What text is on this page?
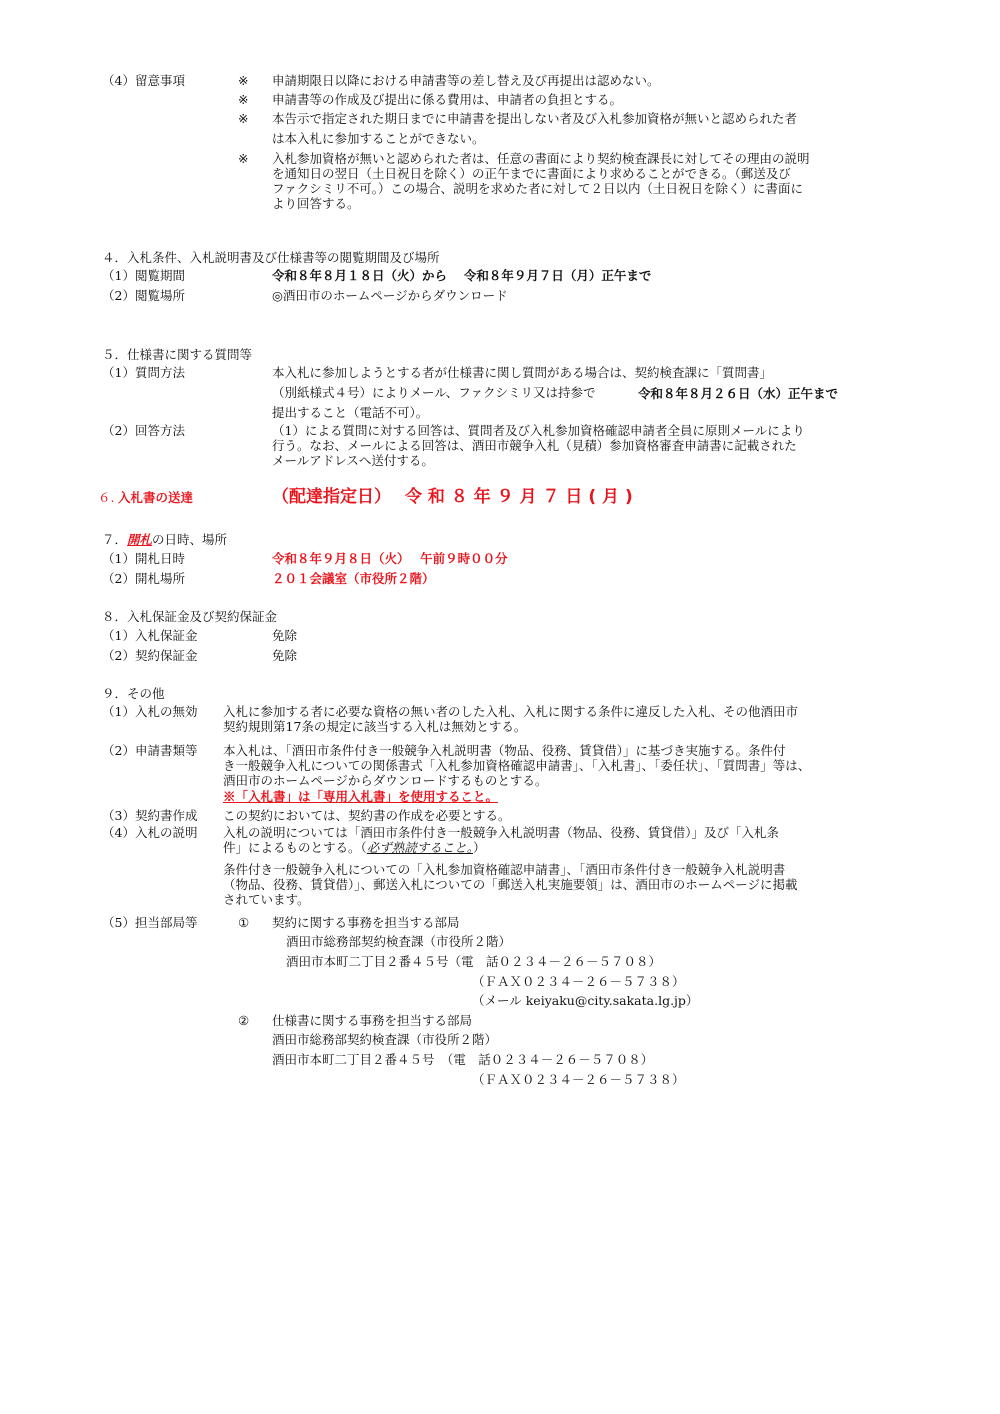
（4）留意事項	※ 申請期限日以降における申請書等の差し替え及び再提出は認めない。
※ 申請書等の作成及び提出に係る費用は、申請者の負担とする。
※ 本告示で指定された期日までに申請書を提出しない者及び入札参加資格が無いと認められた者
は本入札に参加することができない。
※ 入札参加資格が無いと認められた者は、任意の書面により契約検査課長に対してその理由の説明
を通知日の翌日（土日祝日を除く）の正午までに書面により求めることができる。（郵送及び
ファクシミリ不可。）この場合、説明を求めた者に対して２日以内（土日祝日を除く）に書面に
より回答する。
４．入札条件、入札説明書及び仕様書等の閲覧期間及び場所
（1）閲覧期間	令和８年８月１８日（火）から　 令和８年９月７日（月）正午まで
（2）閲覧場所	◎酒田市のホームページからダウンロード
５．仕様書に関する質問等
（1）質問方法	本入札に参加しようとする者が仕様書に関し質問がある場合は、契約検査課に「質問書」
（別紙様式４号）によりメール、ファクシミリ又は持参で	令和８年８月２６日（水）正午まで
提出すること（電話不可）。
（2）回答方法	（1）による質問に対する回答は、質問者及び入札参加資格確認申請者全員に原則メールにより
行う。なお、メールによる回答は、酒田市競争入札（見積）参加資格審査申請書に記載された
メールアドレスへ送付する。
６. 入札書の送達	（配達指定日） 令 和 ８ 年 ９ 月 ７ 日 ( 月 )
７．開札の日時、場所
（1）開札日時	令和８年９月８日（火）　 午前９時００分
（2）開札場所	２０１会議室（市役所２階）
８．入札保証金及び契約保証金
（1）入札保証金	免除
（2）契約保証金	免除
９．その他
（1）入札の無効 入札に参加する者に必要な資格の無い者のした入札、入札に関する条件に違反した入札、その他酒田市
契約規則第17条の規定に該当する入札は無効とする。
（2）申請書類等 本入札は、「酒田市条件付き一般競争入札説明書（物品、役務、賃貸借）」に基づき実施する。条件付
き一般競争入札についての関係書式「入札参加資格確認申請書」、「入札書」、「委任状」、「質問書」等は、
酒田市のホームページからダウンロードするものとする。
※「入札書」は「専用入札書」を使用すること。
（3）契約書作成 この契約においては、契約書の作成を必要とする。
（4）入札の説明 入札の説明については「酒田市条件付き一般競争入札説明書（物品、役務、賃貸借）」及び「入札条
件」によるものとする。（必ず熟読すること。）
条件付き一般競争入札についての「入札参加資格確認申請書」、「酒田市条件付き一般競争入札説明書
（物品、役務、賃貸借）」、郵送入札についての「郵送入札実施要領」は、酒田市のホームページに掲載
されています。
（5）担当部局等	① 契約に関する事務を担当する部局
酒田市総務部契約検査課（市役所２階）
酒田市本町二丁目２番４５号（電　話０２３４－２６－５７０８）
（ＦＡＸ０２３４－２６－５７３８）
（メール keiyaku@city.sakata.lg.jp）
② 仕様書に関する事務を担当する部局
酒田市総務部契約検査課（市役所２階）
酒田市本町二丁目２番４５号　（電　話０２３４－２６－５７０８）
（ＦＡＸ０２３４－２６－５７３８）
